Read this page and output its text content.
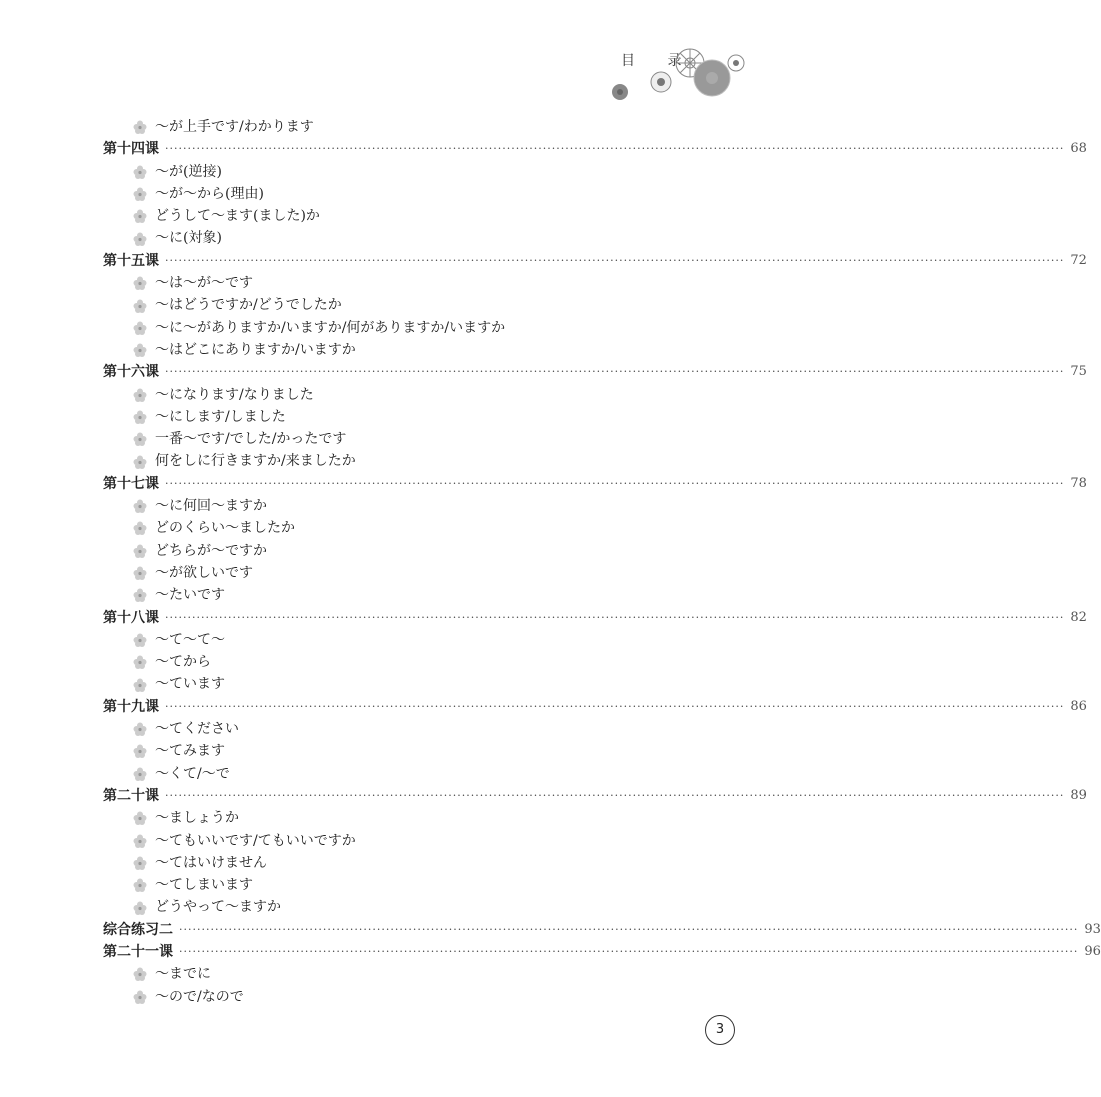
目 录
～が上手です/わかります
第十四课 ········································································································································································································ 68
～が(逆接)
～が～から(理由)
どうして～ます(ました)か
～に(対象)
第十五课 ········································································································································································································ 72
～は～が～です
～はどうですか/どうでしたか
～に～がありますか/いますか/何がありますか/いますか
～はどこにありますか/いますか
第十六课 ········································································································································································································ 75
～になります/なりました
～にします/しました
一番～です/でした/かったです
何をしに行きますか/来ましたか
第十七课 ········································································································································································································ 78
～に何回～ますか
どのくらい～ましたか
どちらが～ですか
～が欲しいです
～たいです
第十八课 ········································································································································································································ 82
～て～て～
～てから
～ています
第十九课 ········································································································································································································ 86
～てください
～てみます
～くて/～で
第二十课 ········································································································································································································ 89
～ましょうか
～てもいいです/てもいいですか
～てはいけません
～てしまいます
どうやって～ますか
综合练习二 ········································································································································································································ 93
第二十一课 ········································································································································································································ 96
～までに
～ので/なので
3
